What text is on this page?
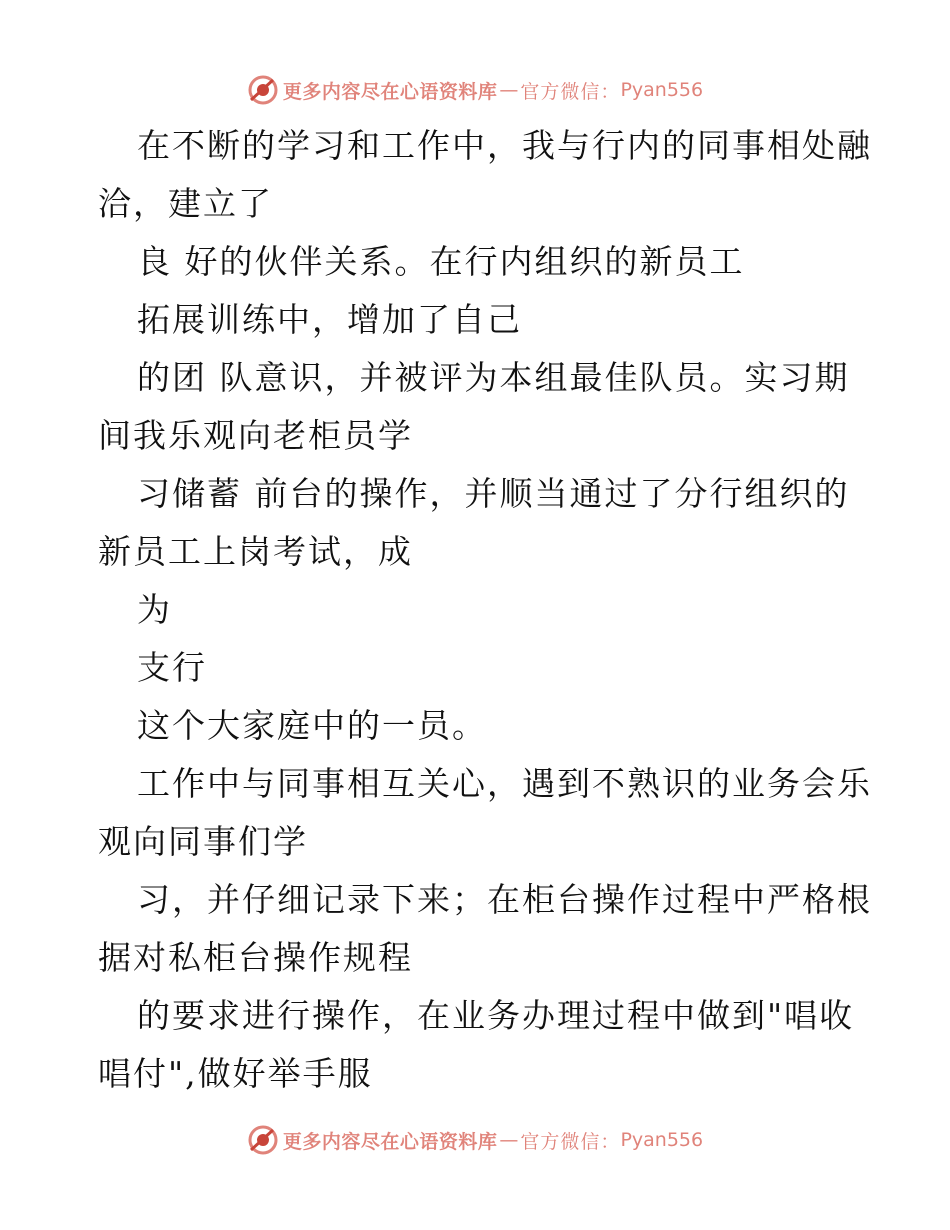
更多内容尽在心语资料库 — 官方微信： Pyan556
在不断的学习和工作中，我与行内的同事相处融
洽，建立了
良 好的伙伴关系。在行内组织的新员工
拓展训练中，增加了自己
的团 队意识，并被评为本组最佳队员。实习期
间我乐观向老柜员学
习储蓄 前台的操作，并顺当通过了分行组织的
新员工上岗考试，成
为
支行
这个大家庭中的一员。
工作中与同事相互关心，遇到不熟识的业务会乐
观向同事们学
习，并仔细记录下来；在柜台操作过程中严格根
据对私柜台操作规程
的要求进行操作，在业务办理过程中做到"唱收
唱付",做好举手服
更多内容尽在心语资料库 — 官方微信： Pyan556
